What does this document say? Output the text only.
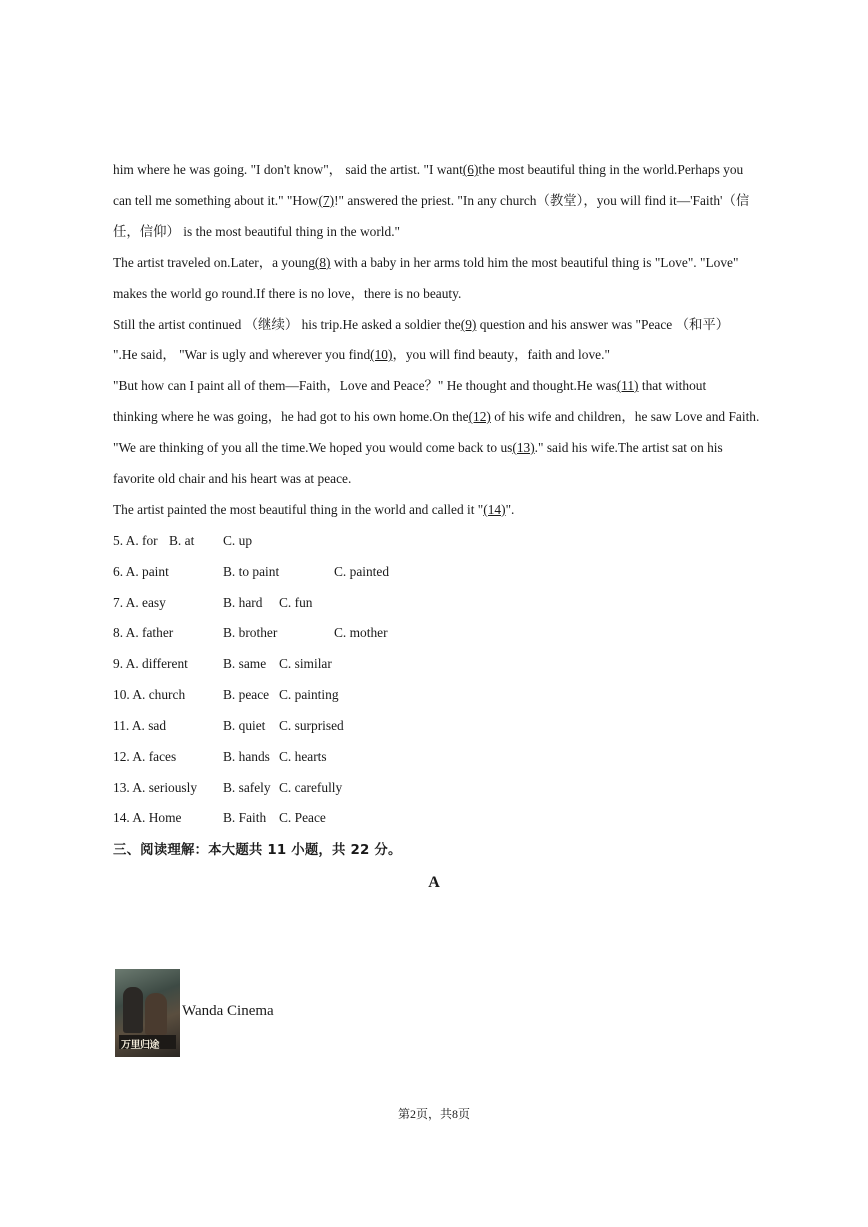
him where he was going. "I don't know"， said the artist. "I want(6)the most beautiful thing in the world.Perhaps you
can tell me something about it." "How(7)!" answered the priest. "In any church（教堂），you will find it—'Faith'（信
任，信仰） is the most beautiful thing in the world."
The artist traveled on.Later，a young(8) with a baby in her arms told him the most beautiful thing is "Love". "Love"
makes the world go round.If there is no love，there is no beauty.
Still the artist continued （继续） his trip.He asked a soldier the(9) question and his answer was "Peace （和平）
".He said， "War is ugly and wherever you find(10)，you will find beauty，faith and love."
"But how can I paint all of them—Faith，Love and Peace？" He thought and thought.He was(11) that without
thinking where he was going，he had got to his own home.On the(12) of his wife and children，he saw Love and Faith.
"We are thinking of you all the time.We hoped you would come back to us(13)." said his wife.The artist sat on his
favorite old chair and his heart was at peace.
The artist painted the most beautiful thing in the world and called it "(14)".
5. A. for B. at C. up
6. A. paint	B. to paint	C. painted
7. A. easy	B. hard C. fun
8. A. father	B. brother	C. mother
9. A. different	B. same C. similar
10. A. church	B. peace C. painting
11. A. sad	B. quiet C. surprised
12. A. faces	B. hands C. hearts
13. A. seriously B. safely C. carefully
14. A. Home	B. Faith C. Peace
三、阅读理解：本大题共 11 小题，共 22 分。
A
万里归途
Wanda Cinema
第2页，共8页
